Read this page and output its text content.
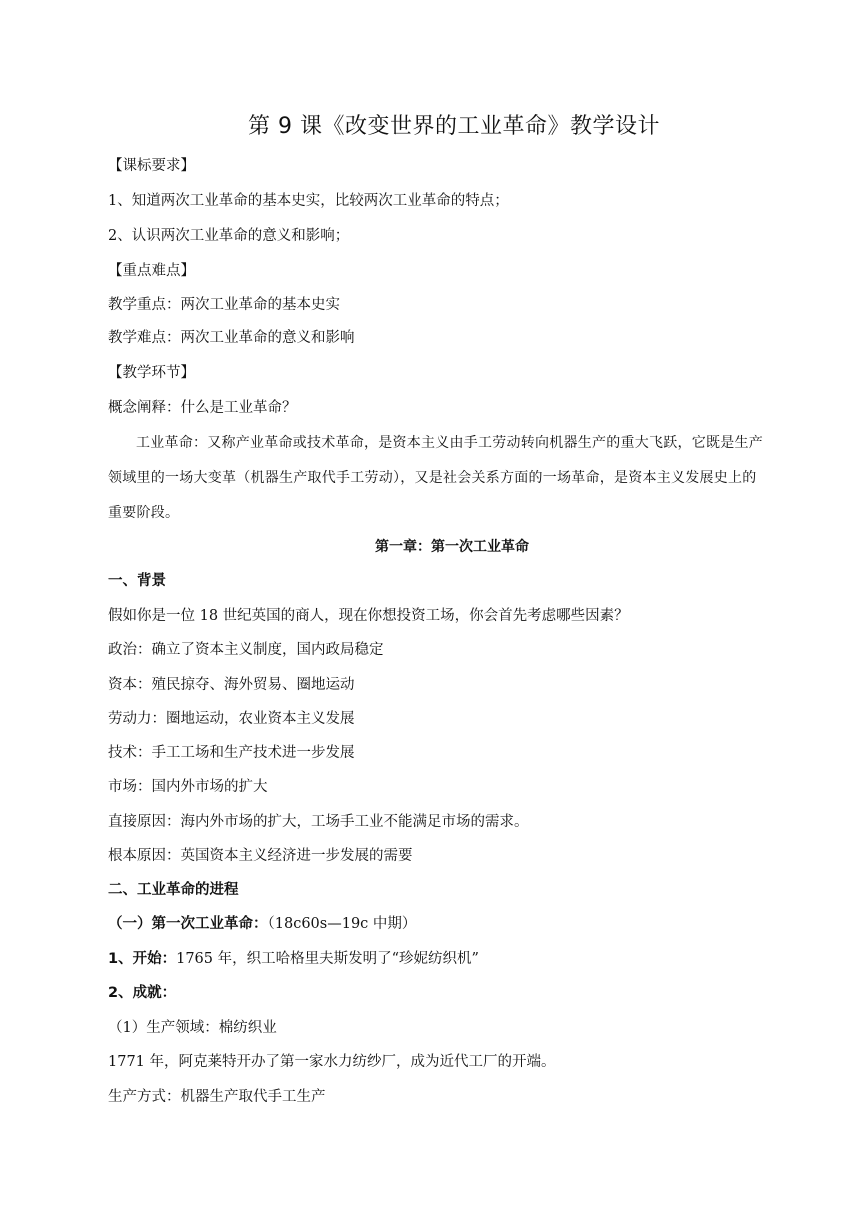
第 9 课《改变世界的工业革命》教学设计
【课标要求】
1、知道两次工业革命的基本史实，比较两次工业革命的特点；
2、认识两次工业革命的意义和影响；
【重点难点】
教学重点：两次工业革命的基本史实
教学难点：两次工业革命的意义和影响
【教学环节】
概念阐释：什么是工业革命？
工业革命：又称产业革命或技术革命，是资本主义由手工劳动转向机器生产的重大飞跃，它既是生产
领域里的一场大变革（机器生产取代手工劳动），又是社会关系方面的一场革命，是资本主义发展史上的
重要阶段。
第一章：第一次工业革命
一、背景
假如你是一位 18 世纪英国的商人，现在你想投资工场，你会首先考虑哪些因素？
政治：确立了资本主义制度，国内政局稳定
资本：殖民掠夺、海外贸易、圈地运动
劳动力：圈地运动，农业资本主义发展
技术：手工工场和生产技术进一步发展
市场：国内外市场的扩大
直接原因：海内外市场的扩大，工场手工业不能满足市场的需求。
根本原因：英国资本主义经济进一步发展的需要
二、工业革命的进程
（一）第一次工业革命：（18c60s—19c 中期）
1、开始：1765 年，织工哈格里夫斯发明了“珍妮纺织机”
2、成就：
（1）生产领域：棉纺织业
1771 年，阿克莱特开办了第一家水力纺纱厂，成为近代工厂的开端。
生产方式：机器生产取代手工生产
